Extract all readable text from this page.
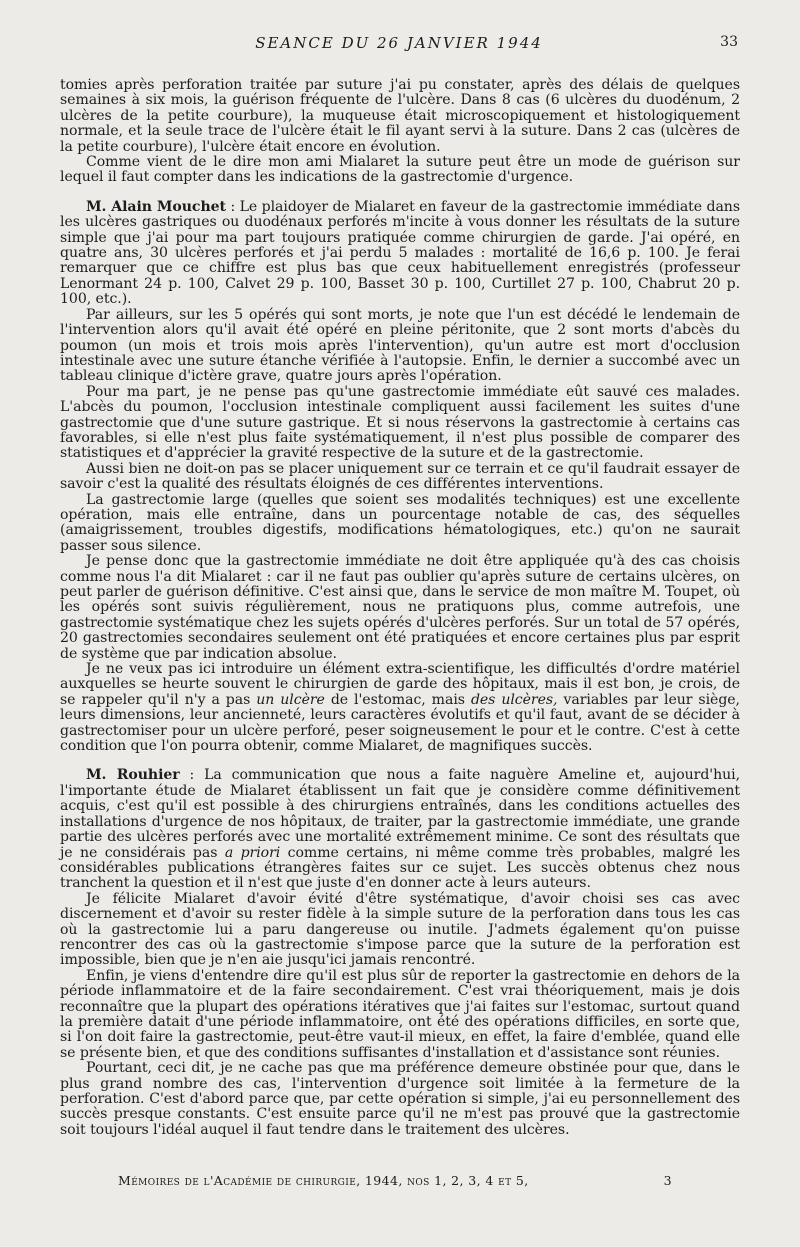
SEANCE DU 26 JANVIER 1944	33

tomies après perforation traitée par suture j'ai pu constater, après des délais de quelques semaines à six mois, la guérison fréquente de l'ulcère. Dans 8 cas (6 ulcères du duodénum, 2 ulcères de la petite courbure), la muqueuse était microscopiquement et histologiquement normale, et la seule trace de l'ulcère était le fil ayant servi à la suture. Dans 2 cas (ulcères de la petite courbure), l'ulcère était encore en évolution.

Comme vient de le dire mon ami Mialaret la suture peut être un mode de guérison sur lequel il faut compter dans les indications de la gastrectomie d'urgence.

M. Alain Mouchet : Le plaidoyer de Mialaret en faveur de la gastrectomie immédiate dans les ulcères gastriques ou duodénaux perforés m'incite à vous donner les résultats de la suture simple que j'ai pour ma part toujours pratiquée comme chirurgien de garde. J'ai opéré, en quatre ans, 30 ulcères perforés et j'ai perdu 5 malades : mortalité de 16,6 p. 100. Je ferai remarquer que ce chiffre est plus bas que ceux habituellement enregistrés (professeur Lenormant 24 p. 100, Calvet 29 p. 100, Basset 30 p. 100, Curtillet 27 p. 100, Chabrut 20 p. 100, etc.).

Par ailleurs, sur les 5 opérés qui sont morts, je note que l'un est décédé le lendemain de l'intervention alors qu'il avait été opéré en pleine péritonite, que 2 sont morts d'abcès du poumon (un mois et trois mois après l'intervention), qu'un autre est mort d'occlusion intestinale avec une suture étanche vérifiée à l'autopsie. Enfin, le dernier a succombé avec un tableau clinique d'ictère grave, quatre jours après l'opération.

Pour ma part, je ne pense pas qu'une gastrectomie immédiate eût sauvé ces malades. L'abcès du poumon, l'occlusion intestinale compliquent aussi facilement les suites d'une gastrectomie que d'une suture gastrique. Et si nous réservons la gastrectomie à certains cas favorables, si elle n'est plus faite systématiquement, il n'est plus possible de comparer des statistiques et d'apprécier la gravité respective de la suture et de la gastrectomie.

Aussi bien ne doit-on pas se placer uniquement sur ce terrain et ce qu'il faudrait essayer de savoir c'est la qualité des résultats éloignés de ces différentes interventions.

La gastrectomie large (quelles que soient ses modalités techniques) est une excellente opération, mais elle entraîne, dans un pourcentage notable de cas, des séquelles (amaigrissement, troubles digestifs, modifications hématologiques, etc.) qu'on ne saurait passer sous silence.

Je pense donc que la gastrectomie immédiate ne doit être appliquée qu'à des cas choisis comme nous l'a dit Mialaret : car il ne faut pas oublier qu'après suture de certains ulcères, on peut parler de guérison définitive. C'est ainsi que, dans le service de mon maître M. Toupet, où les opérés sont suivis régulièrement, nous ne pratiquons plus, comme autrefois, une gastrectomie systématique chez les sujets opérés d'ulcères perforés. Sur un total de 57 opérés, 20 gastrectomies secondaires seulement ont été pratiquées et encore certaines plus par esprit de système que par indication absolue.

Je ne veux pas ici introduire un élément extra-scientifique, les difficultés d'ordre matériel auxquelles se heurte souvent le chirurgien de garde des hôpitaux, mais il est bon, je crois, de se rappeler qu'il n'y a pas un ulcère de l'estomac, mais des ulcères, variables par leur siège, leurs dimensions, leur ancienneté, leurs caractères évolutifs et qu'il faut, avant de se décider à gastrectomiser pour un ulcère perforé, peser soigneusement le pour et le contre. C'est à cette condition que l'on pourra obtenir, comme Mialaret, de magnifiques succès.

M. Rouhier : La communication que nous a faite naguère Ameline et, aujourd'hui, l'importante étude de Mialaret établissent un fait que je considère comme définitivement acquis, c'est qu'il est possible à des chirurgiens entraînés, dans les conditions actuelles des installations d'urgence de nos hôpitaux, de traiter, par la gastrectomie immédiate, une grande partie des ulcères perforés avec une mortalité extrêmement minime. Ce sont des résultats que je ne considérais pas a priori comme certains, ni même comme très probables, malgré les considérables publications étrangères faites sur ce sujet. Les succès obtenus chez nous tranchent la question et il n'est que juste d'en donner acte à leurs auteurs.

Je félicite Mialaret d'avoir évité d'être systématique, d'avoir choisi ses cas avec discernement et d'avoir su rester fidèle à la simple suture de la perforation dans tous les cas où la gastrectomie lui a paru dangereuse ou inutile. J'admets également qu'on puisse rencontrer des cas où la gastrectomie s'impose parce que la suture de la perforation est impossible, bien que je n'en aie jusqu'ici jamais rencontré.

Enfin, je viens d'entendre dire qu'il est plus sûr de reporter la gastrectomie en dehors de la période inflammatoire et de la faire secondairement. C'est vrai théoriquement, mais je dois reconnaître que la plupart des opérations itératives que j'ai faites sur l'estomac, surtout quand la première datait d'une période inflammatoire, ont été des opérations difficiles, en sorte que, si l'on doit faire la gastrectomie, peut-être vaut-il mieux, en effet, la faire d'emblée, quand elle se présente bien, et que des conditions suffisantes d'installation et d'assistance sont réunies.

Pourtant, ceci dit, je ne cache pas que ma préférence demeure obstinée pour que, dans le plus grand nombre des cas, l'intervention d'urgence soit limitée à la fermeture de la perforation. C'est d'abord parce que, par cette opération si simple, j'ai eu personnellement des succès presque constants. C'est ensuite parce qu'il ne m'est pas prouvé que la gastrectomie soit toujours l'idéal auquel il faut tendre dans le traitement des ulcères.

Mémoires de l'Académie de chirurgie, 1944, nos 1, 2, 3, 4 et 5,	3
